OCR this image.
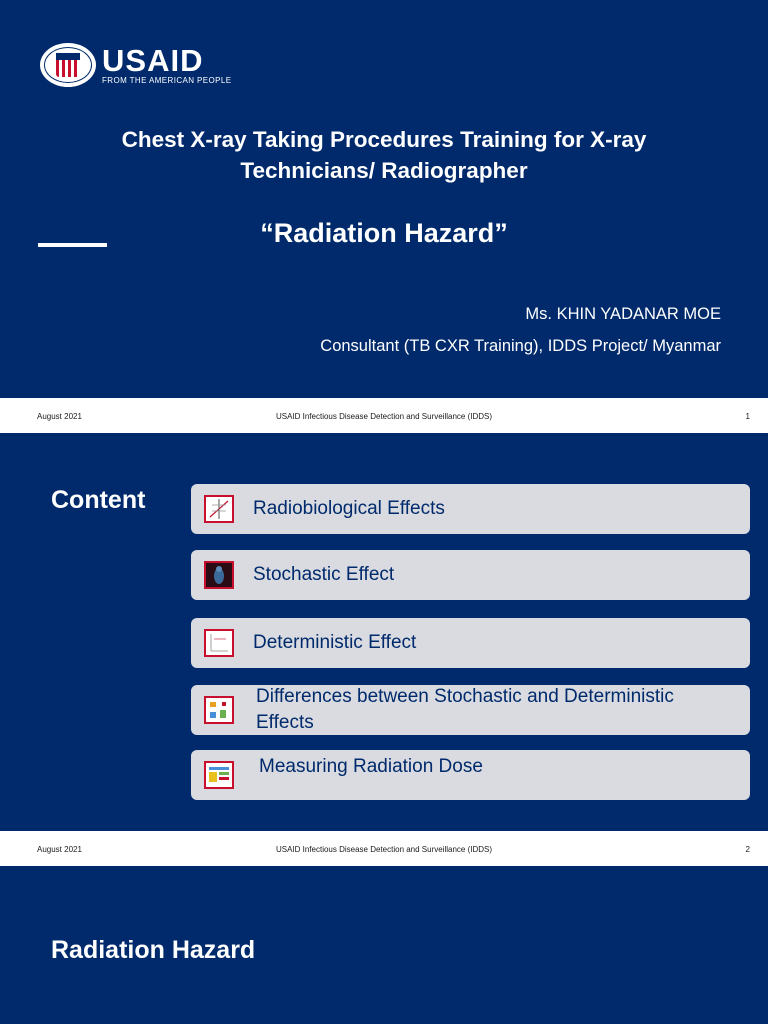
USAID
FROM THE AMERICAN PEOPLE
Chest X-ray Taking Procedures Training for X-ray
Technicians/ Radiographer
“Radiation Hazard”
Ms. KHIN YADANAR MOE
Consultant (TB CXR Training), IDDS Project/ Myanmar
August 2021	USAID Infectious Disease Detection and Surveillance (IDDS)	1
Content	Radiobiological Effects
Stochastic Effect
Deterministic Effect
Differences between Stochastic and Deterministic
Effects
Measuring Radiation Dose
August 2021	USAID Infectious Disease Detection and Surveillance (IDDS)	2
Radiation Hazard
